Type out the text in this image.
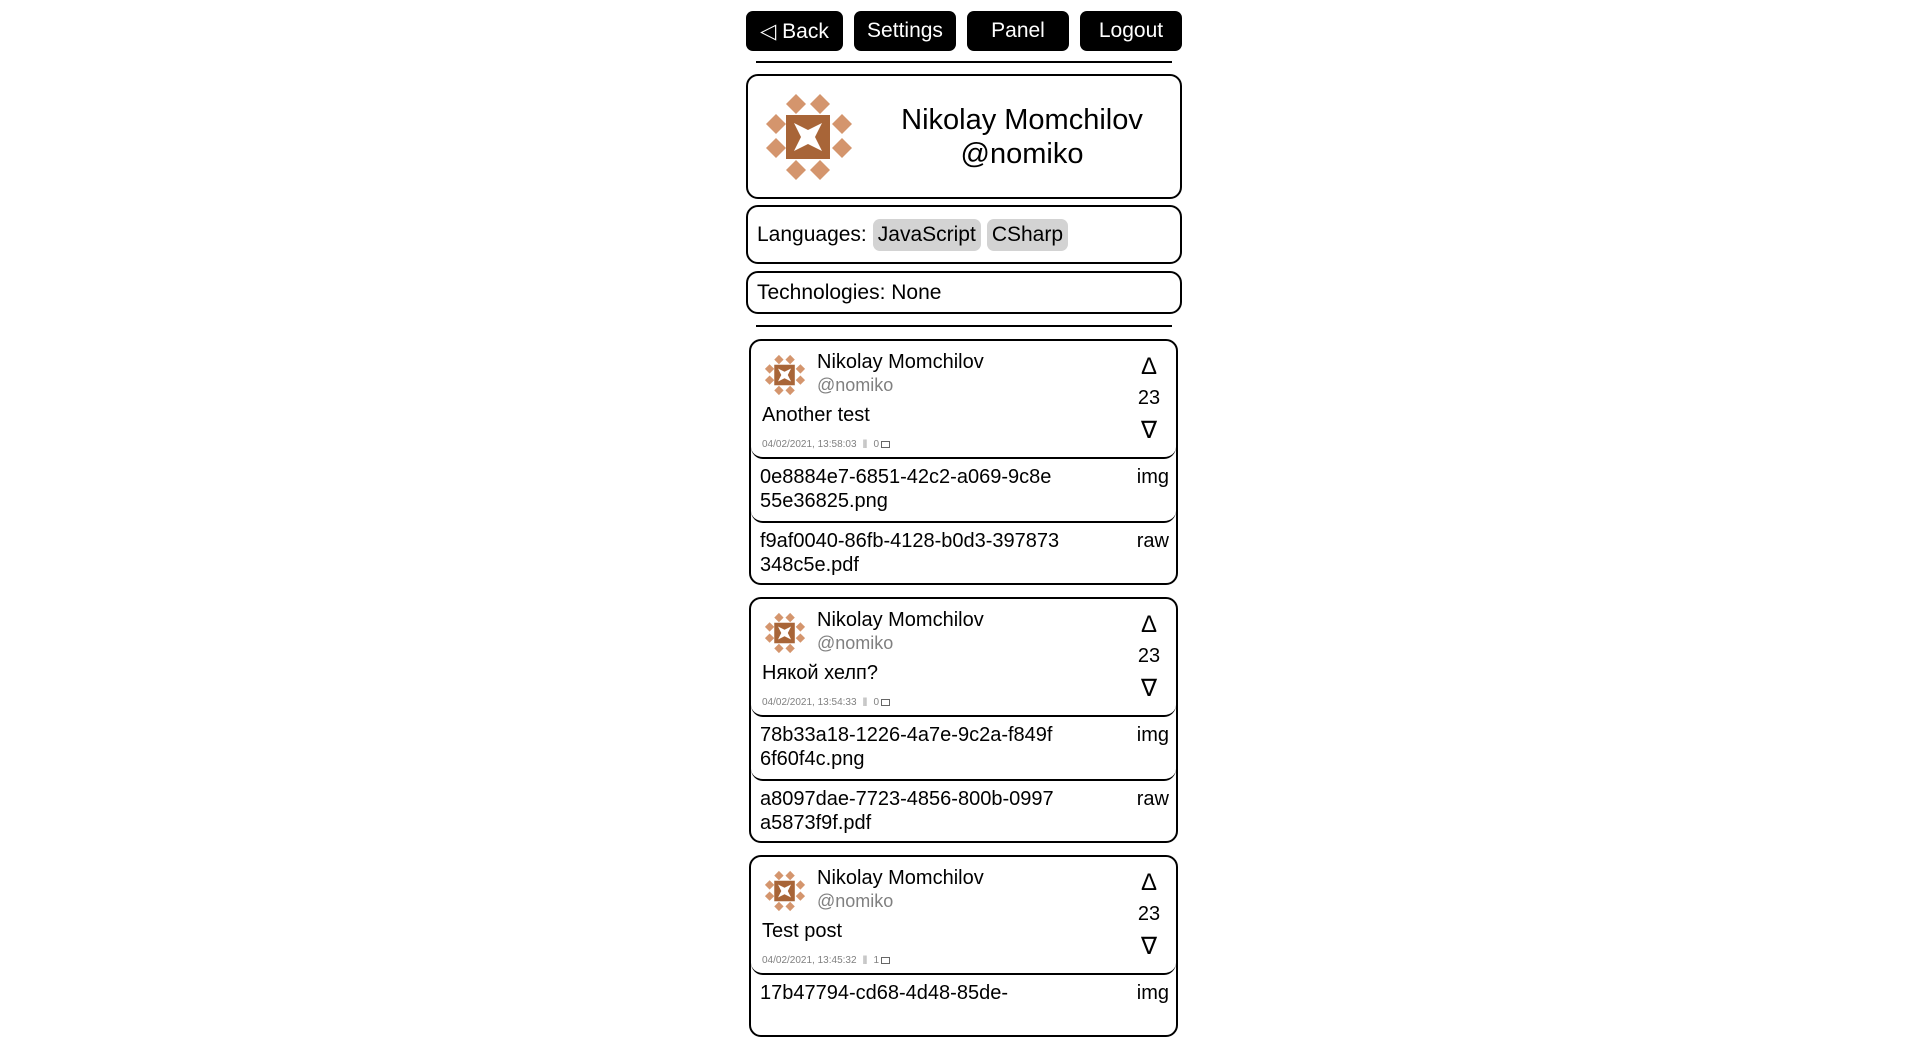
◁ Back	Settings	Panel	Logout
Nikolay Momchilov
@nomiko
Languages: JavaScript CSharp
Technologies:
None
Nikolay Momchilov
@nomiko
Another test
04/02/2021, 13:58:03 ‖ 0
Δ
23
∇
0e8884e7-6851-42c2-a069-9c8e55e36825.png
img
f9af0040-86fb-4128-b0d3-397873348c5e.pdf
raw
Nikolay Momchilov
@nomiko
Някой хелп?
04/02/2021, 13:54:33 ‖ 0
Δ
23
∇
78b33a18-1226-4a7e-9c2a-f849f6f60f4c.png
img
a8097dae-7723-4856-800b-0997a5873f9f.pdf
raw
Nikolay Momchilov
@nomiko
Test post
04/02/2021, 13:45:32 ‖ 1
Δ
23
∇
17b47794-cd68-4d48-85de-	img
